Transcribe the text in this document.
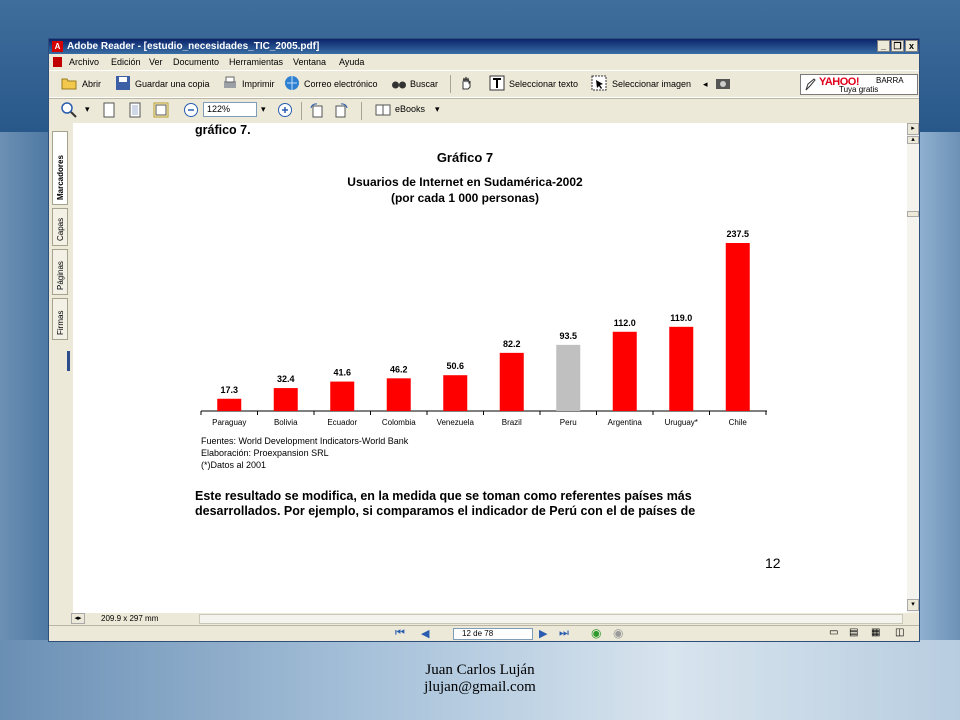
A Adobe Reader - [estudio_necesidades_TIC_2005.pdf]	_ ❐ x
Archivo Edición Ver Documento Herramientas Ventana Ayuda
Abrir	Guardar una copia	Imprimir	Correo electrónico	Buscar	Seleccionar texto	Seleccionar imagen ◂	YAHOO! BARRA
Tuya gratis
▾	122%	▾	eBooks ▾
Marcadores
Capas
Páginas
Firmas
gráfico 7.
Gráfico 7
Usuarios de Internet en Sudamérica-2002
(por cada 1 000 personas)
17.3
Paraguay
32.4
Bolivia
41.6
Ecuador
46.2
Colombia
50.6
Venezuela
82.2
Brazil
93.5
Peru
112.0
Argentina
119.0
Uruguay*
237.5
Chile
Fuentes: World Development Indicators-World Bank
Elaboración: Proexpansion SRL
(*)Datos al 2001
Este resultado se modifica, en la medida que se toman como referentes países más
desarrollados. Por ejemplo, si comparamos el indicador de Perú con el de países de
12
▸
▴
▾
◂▸	209.9 x 297 mm
⏮ ◀	12 de 78	▶ ⏭ ◉ ◉	▭ ▤ ▦ ◫
Juan Carlos Luján
jlujan@gmail.com
